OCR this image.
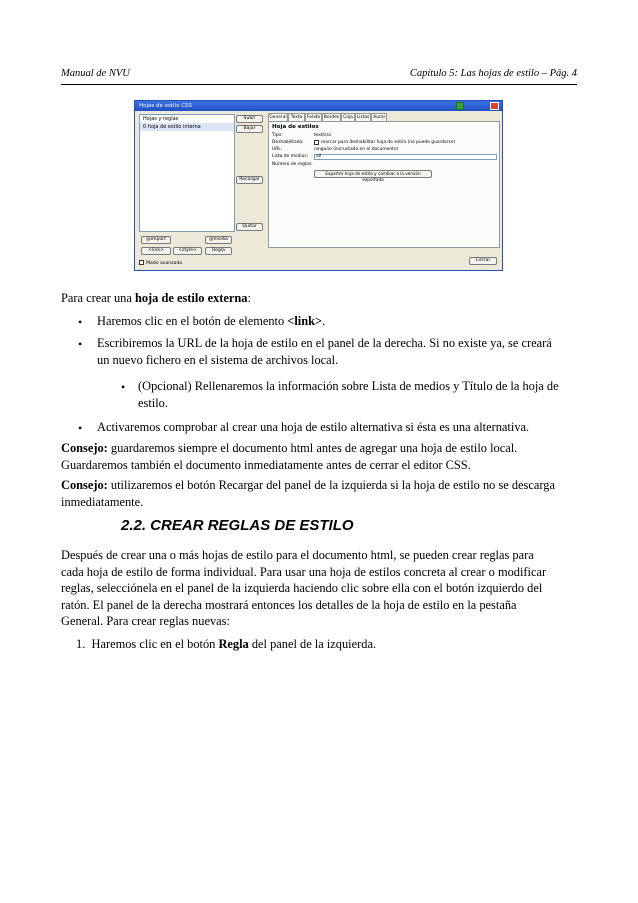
Manual de NVU	Capítulo 5: Las hojas de estilo – Pág. 4
Hojas de estilo CSS
Hojas y reglas
0 hoja de estilo interna
Subir
Bajar
Recargar
Quitar
@import	@media
<link>	<style>	Regla
General Texto	Fondo Bordes Caja Listas Aural
Hoja de estilos
Tipo:	text/css
Deshabilitado:	marcar para deshabilitar hoja de estilo (no puede guardarse)
URL:	ninguno (incrustada en el documento)
Lista de medios:	all
Número de reglas:
Exportar hoja de estilo y cambiar a la versión exportada
Modo avanzado
Cerrar
Para crear una hoja de estilo externa:
• Haremos clic en el botón de elemento <link>.
• Escribiremos la URL de la hoja de estilo en el panel de la derecha. Si no existe ya, se creará
un nuevo fichero en el sistema de archivos local.
• (Opcional) Rellenaremos la información sobre Lista de medios y Título de la hoja de
estilo.
• Activaremos comprobar al crear una hoja de estilo alternativa si ésta es una alternativa.
Consejo: guardaremos siempre el documento html antes de agregar una hoja de estilo local.
Guardaremos también el documento inmediatamente antes de cerrar el editor CSS.
Consejo: utilizaremos el botón Recargar del panel de la izquierda si la hoja de estilo no se descarga
inmediatamente.
2.2. CREAR REGLAS DE ESTILO
Después de crear una o más hojas de estilo para el documento html, se pueden crear reglas para
cada hoja de estilo de forma individual. Para usar una hoja de estilos concreta al crear o modificar
reglas, selecciónela en el panel de la izquierda haciendo clic sobre ella con el botón izquierdo del
ratón. El panel de la derecha mostrará entonces los detalles de la hoja de estilo en la pestaña
General. Para crear reglas nuevas:
1. Haremos clic en el botón Regla del panel de la izquierda.
